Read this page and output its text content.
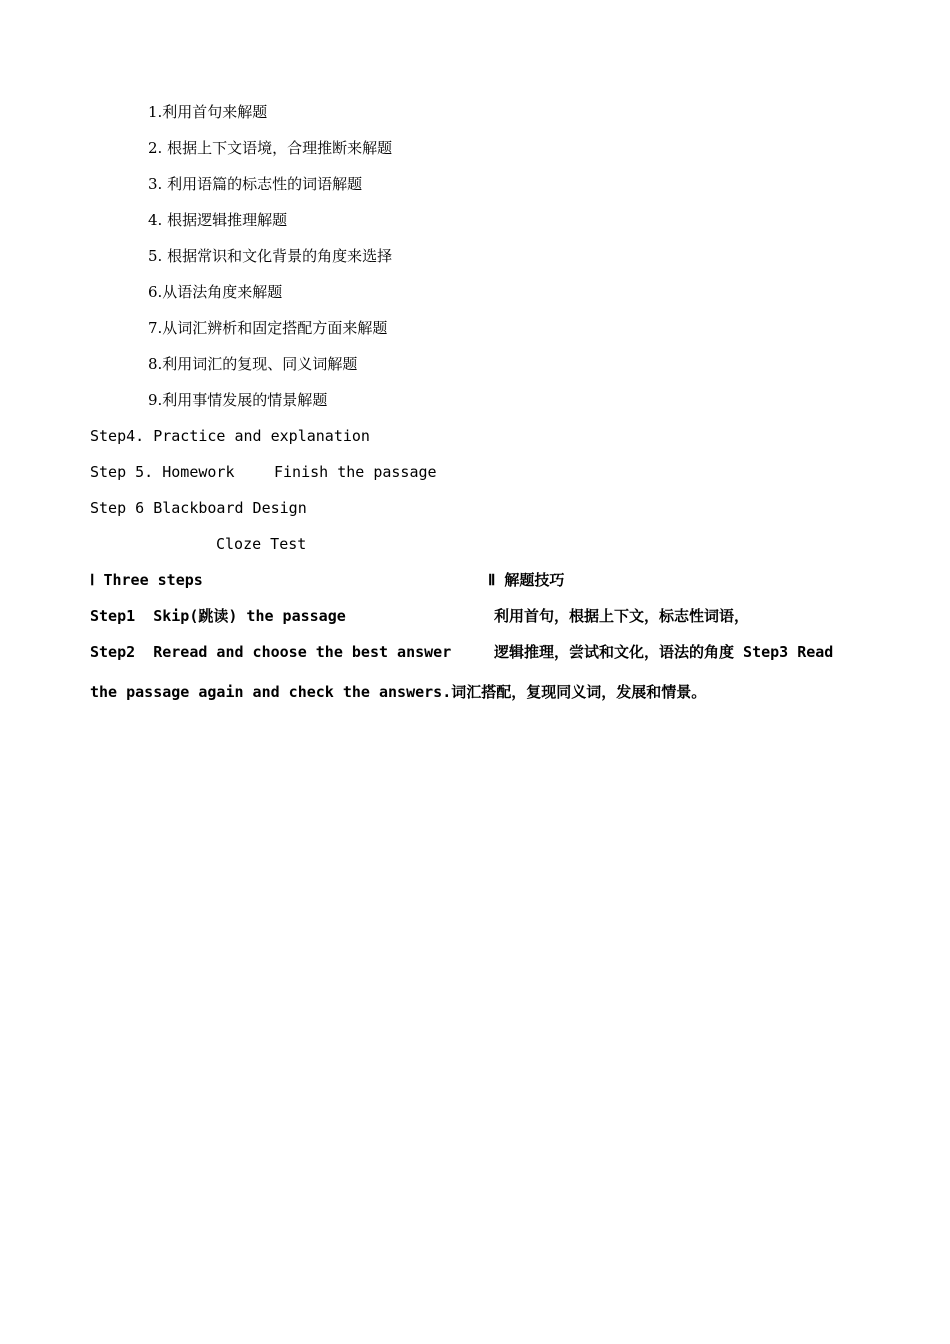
1.利用首句来解题
2. 根据上下文语境，合理推断来解题
3. 利用语篇的标志性的词语解题
4. 根据逻辑推理解题
5. 根据常识和文化背景的角度来选择
6.从语法角度来解题
7.从词汇辨析和固定搭配方面来解题
8.利用词汇的复现、同义词解题
9.利用事情发展的情景解题
Step4. Practice and explanation
Step 5. Homework	Finish the passage
Step 6 Blackboard Design
Cloze Test
Ⅰ Three steps	Ⅱ 解题技巧
Step1  Skip(跳读) the passage	利用首句，根据上下文，标志性词语，
Step2  Reread and choose the best answer	逻辑推理，尝试和文化，语法的角度 Step3 Read
the passage again and check the answers.词汇搭配，复现同义词，发展和情景。
